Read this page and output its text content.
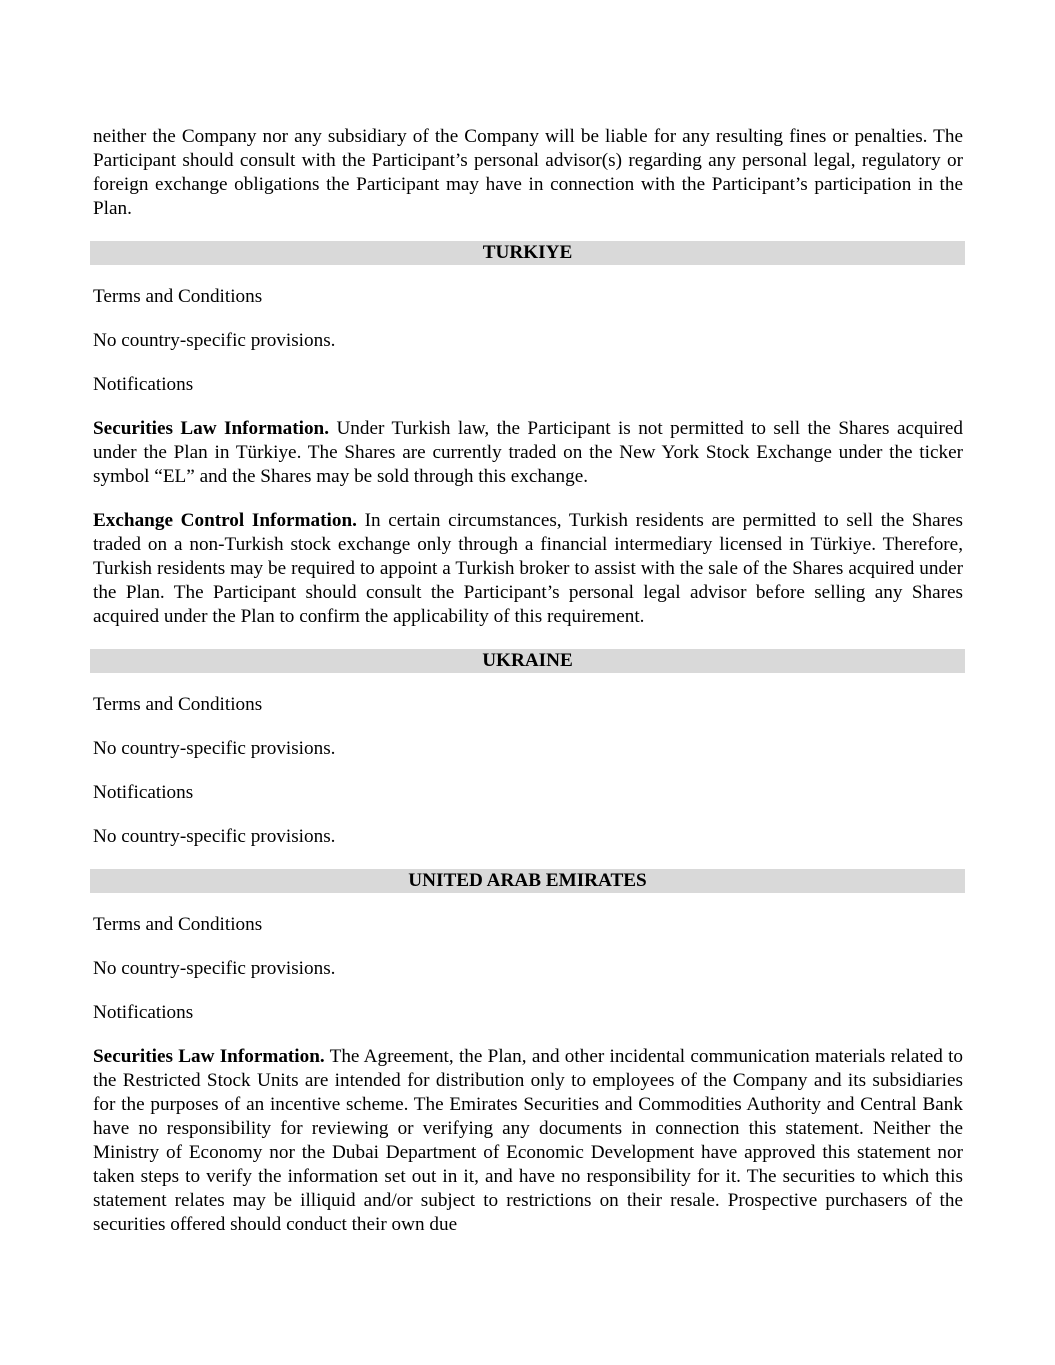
neither the Company nor any subsidiary of the Company will be liable for any resulting fines or penalties. The Participant should consult with the Participant’s personal advisor(s) regarding any personal legal, regulatory or foreign exchange obligations the Participant may have in connection with the Participant’s participation in the Plan.

TURKIYE

Terms and Conditions

No country-specific provisions.

Notifications

Securities Law Information. Under Turkish law, the Participant is not permitted to sell the Shares acquired under the Plan in Türkiye. The Shares are currently traded on the New York Stock Exchange under the ticker symbol “EL” and the Shares may be sold through this exchange.

Exchange Control Information. In certain circumstances, Turkish residents are permitted to sell the Shares traded on a non-Turkish stock exchange only through a financial intermediary licensed in Türkiye. Therefore, Turkish residents may be required to appoint a Turkish broker to assist with the sale of the Shares acquired under the Plan. The Participant should consult the Participant’s personal legal advisor before selling any Shares acquired under the Plan to confirm the applicability of this requirement.

UKRAINE

Terms and Conditions

No country-specific provisions.

Notifications

No country-specific provisions.

UNITED ARAB EMIRATES

Terms and Conditions

No country-specific provisions.

Notifications

Securities Law Information. The Agreement, the Plan, and other incidental communication materials related to the Restricted Stock Units are intended for distribution only to employees of the Company and its subsidiaries for the purposes of an incentive scheme. The Emirates Securities and Commodities Authority and Central Bank have no responsibility for reviewing or verifying any documents in connection this statement. Neither the Ministry of Economy nor the Dubai Department of Economic Development have approved this statement nor taken steps to verify the information set out in it, and have no responsibility for it. The securities to which this statement relates may be illiquid and/or subject to restrictions on their resale. Prospective purchasers of the securities offered should conduct their own due
